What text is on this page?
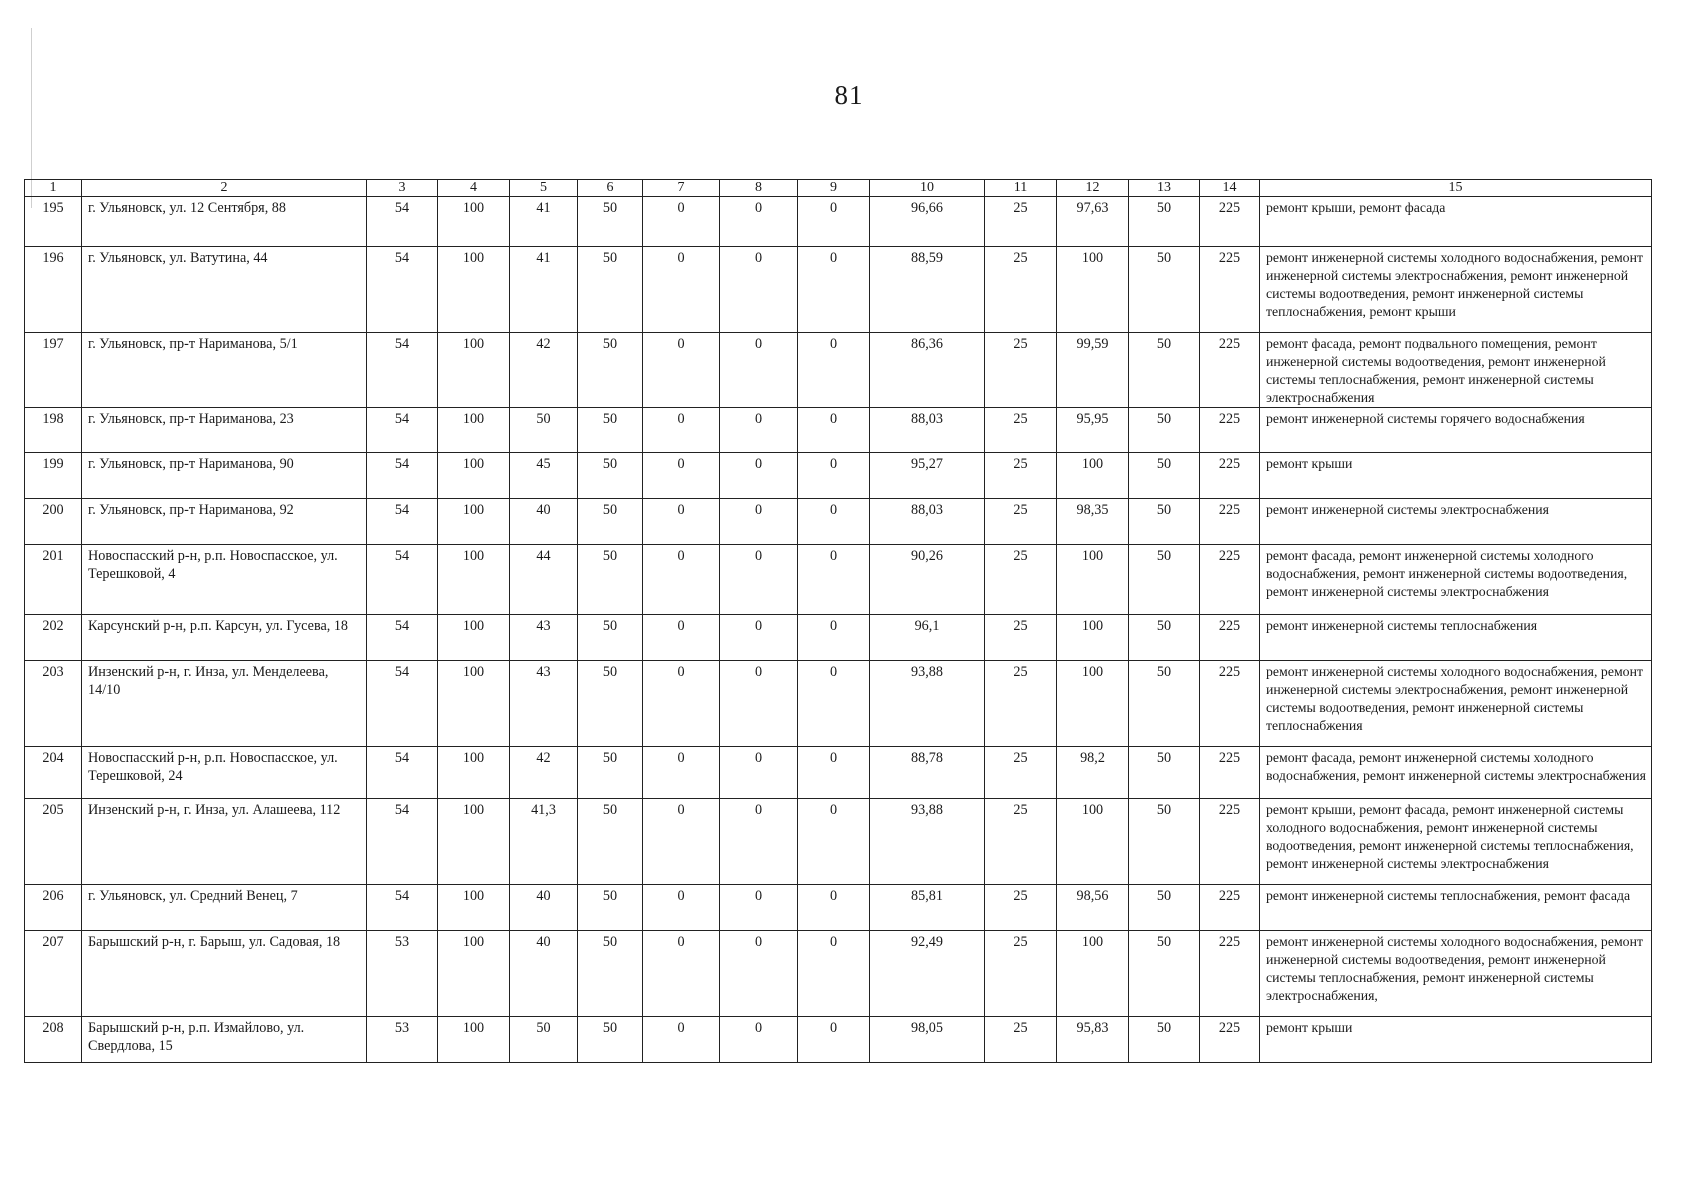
81
1	2	3	4	5	6	7	8	9	10	11	12	13	14	15
195	г. Ульяновск, ул. 12 Сентября, 88	54	100	41	50	0	0	0	96,66	25	97,63	50	225	ремонт крыши, ремонт фасада
196	г. Ульяновск, ул. Ватутина, 44	54	100	41	50	0	0	0	88,59	25	100	50	225	ремонт инженерной системы холодного водоснабжения, ремонт инженерной системы электроснабжения, ремонт инженерной системы водоотведения, ремонт инженерной системы теплоснабжения, ремонт крыши
197	г. Ульяновск, пр-т Нариманова, 5/1	54	100	42	50	0	0	0	86,36	25	99,59	50	225	ремонт фасада, ремонт подвального помещения, ремонт инженерной системы водоотведения, ремонт инженерной системы теплоснабжения, ремонт инженерной системы электроснабжения
198	г. Ульяновск, пр-т Нариманова, 23	54	100	50	50	0	0	0	88,03	25	95,95	50	225	ремонт инженерной системы горячего водоснабжения
199	г. Ульяновск, пр-т Нариманова, 90	54	100	45	50	0	0	0	95,27	25	100	50	225	ремонт крыши
200	г. Ульяновск, пр-т Нариманова, 92	54	100	40	50	0	0	0	88,03	25	98,35	50	225	ремонт инженерной системы электроснабжения
201	Новоспасский р-н, р.п. Новоспасское, ул. Терешковой, 4	54	100	44	50	0	0	0	90,26	25	100	50	225	ремонт фасада, ремонт инженерной системы холодного водоснабжения, ремонт инженерной системы водоотведения, ремонт инженерной системы электроснабжения
202	Карсунский р-н, р.п. Карсун, ул. Гусева, 18	54	100	43	50	0	0	0	96,1	25	100	50	225	ремонт инженерной системы теплоснабжения
203	Инзенский р-н, г. Инза, ул. Менделеева, 14/10	54	100	43	50	0	0	0	93,88	25	100	50	225	ремонт инженерной системы холодного водоснабжения, ремонт инженерной системы электроснабжения, ремонт инженерной системы водоотведения, ремонт инженерной системы теплоснабжения
204	Новоспасский р-н, р.п. Новоспасское, ул. Терешковой, 24	54	100	42	50	0	0	0	88,78	25	98,2	50	225	ремонт фасада, ремонт инженерной системы холодного водоснабжения, ремонт инженерной системы электроснабжения
205	Инзенский р-н, г. Инза, ул. Алашеева, 112	54	100	41,3	50	0	0	0	93,88	25	100	50	225	ремонт крыши, ремонт фасада, ремонт инженерной системы холодного водоснабжения, ремонт инженерной системы водоотведения, ремонт инженерной системы теплоснабжения, ремонт инженерной системы электроснабжения
206	г. Ульяновск, ул. Средний Венец, 7	54	100	40	50	0	0	0	85,81	25	98,56	50	225	ремонт инженерной системы теплоснабжения, ремонт фасада
207	Барышский р-н, г. Барыш, ул. Садовая, 18	53	100	40	50	0	0	0	92,49	25	100	50	225	ремонт инженерной системы холодного водоснабжения, ремонт инженерной системы водоотведения, ремонт инженерной системы теплоснабжения, ремонт инженерной системы электроснабжения,
208	Барышский р-н, р.п. Измайлово, ул. Свердлова, 15	53	100	50	50	0	0	0	98,05	25	95,83	50	225	ремонт крыши
